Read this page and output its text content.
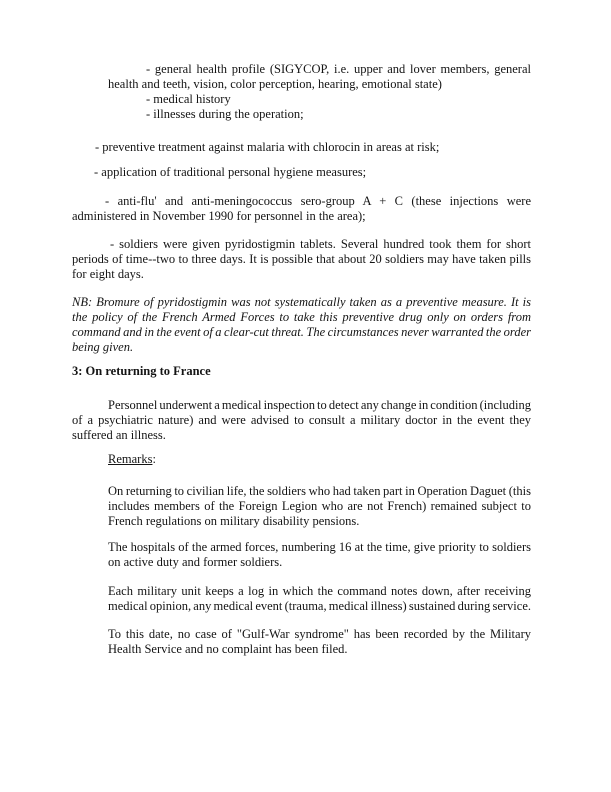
- general health profile (SIGYCOP, i.e. upper and lover members, general
health and teeth, vision, color perception, hearing, emotional state)
- medical history
- illnesses during the operation;
- preventive treatment against malaria with chlorocin in areas at risk;
- application of traditional personal hygiene measures;
- anti-flu' and anti-meningococcus sero-group A + C (these injections were
administered in November 1990 for personnel in the area);
- soldiers were given pyridostigmin tablets. Several hundred took them for short
periods of time--two to three days. It is possible that about 20 soldiers may have taken pills
for eight days.
NB: Bromure of pyridostigmin was not systematically taken as a preventive measure. It is
the policy of the French Armed Forces to take this preventive drug only on orders from
command and in the event of a clear-cut threat. The circumstances never warranted the order
being given.
3: On returning to France
Personnel underwent a medical inspection to detect any change in condition (including
of a psychiatric nature) and were advised to consult a military doctor in the event they
suffered an illness.
Remarks:
On returning to civilian life, the soldiers who had taken part in Operation Daguet (this
includes members of the Foreign Legion who are not French) remained subject to
French regulations on military disability pensions.
The hospitals of the armed forces, numbering 16 at the time, give priority to soldiers
on active duty and former soldiers.
Each military unit keeps a log in which the command notes down, after receiving
medical opinion, any medical event (trauma, medical illness) sustained during service.
To this date, no case of "Gulf-War syndrome" has been recorded by the Military
Health Service and no complaint has been filed.
